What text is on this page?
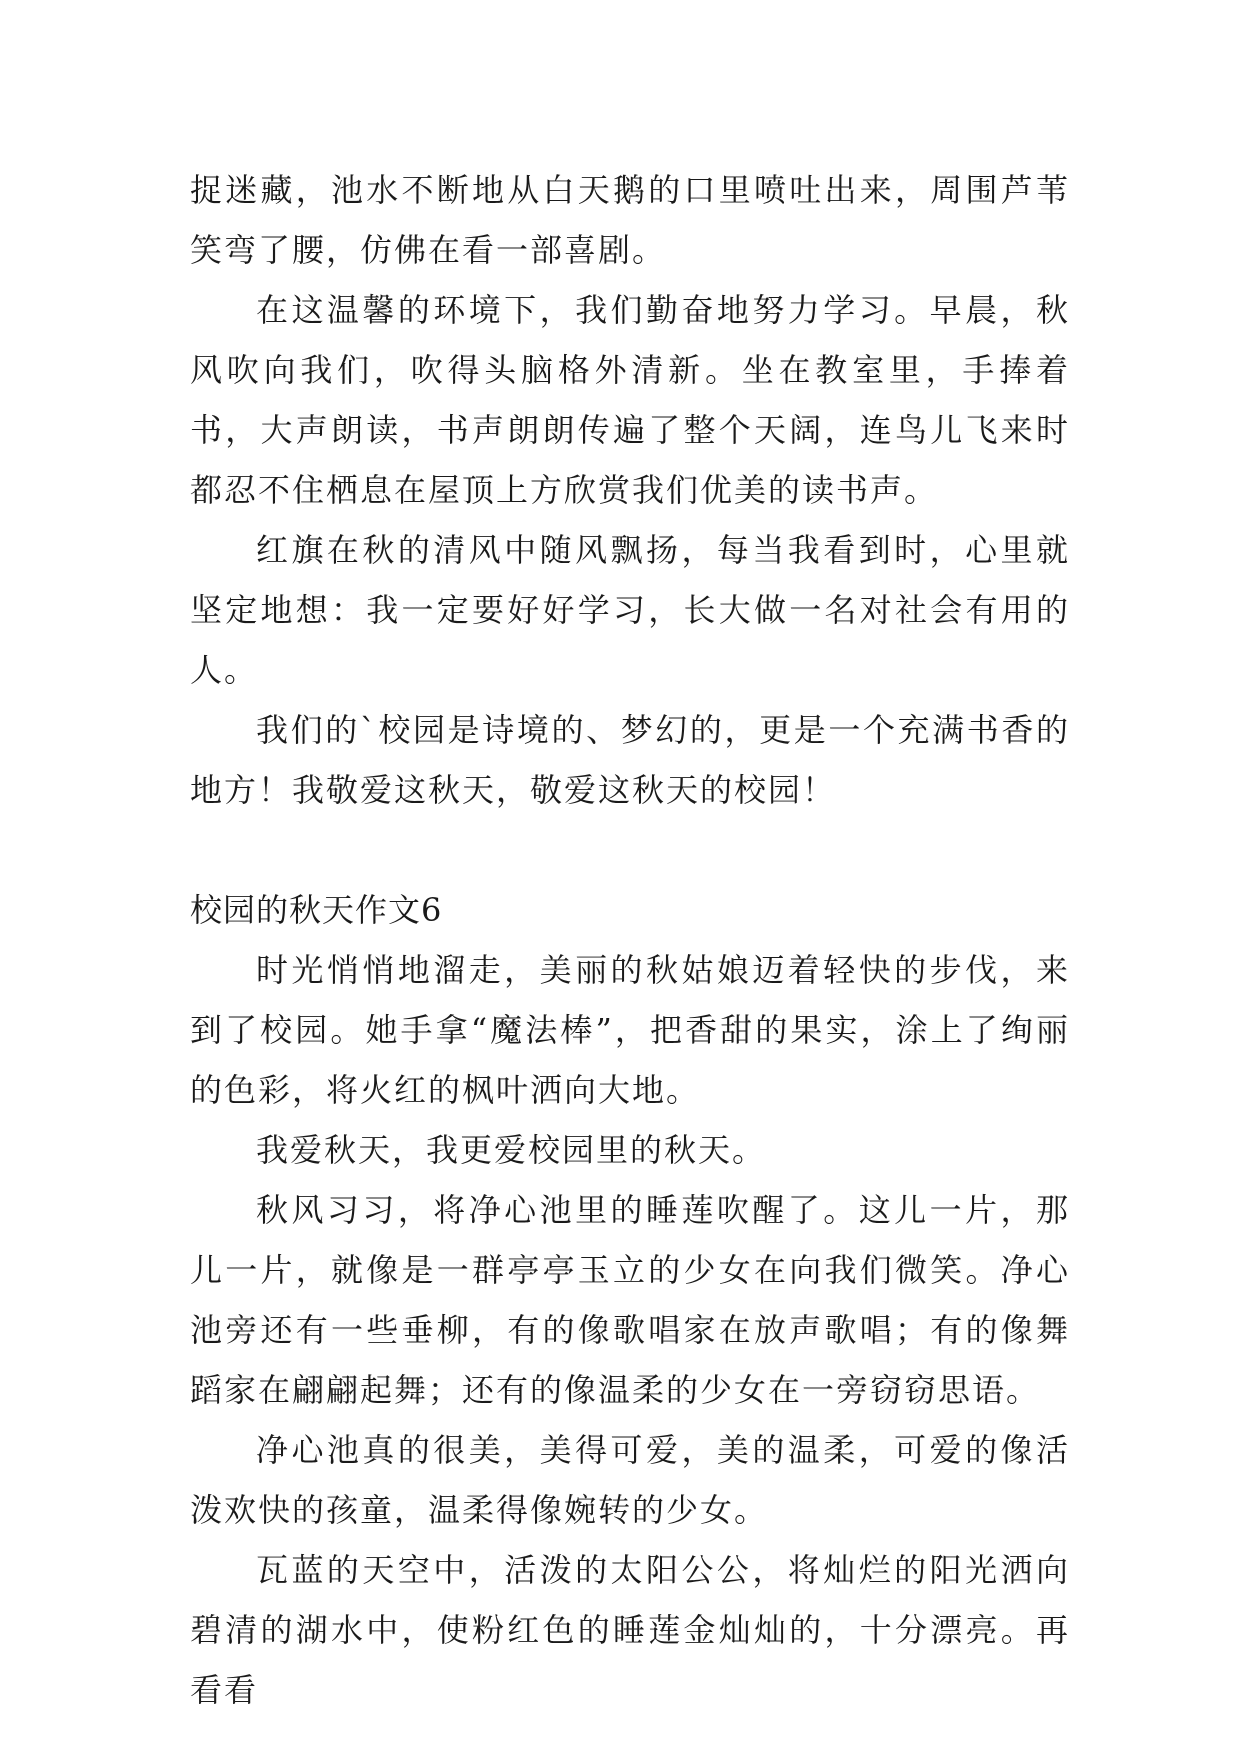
捉迷藏，池水不断地从白天鹅的口里喷吐出来，周围芦苇笑弯了腰，仿佛在看一部喜剧。

在这温馨的环境下，我们勤奋地努力学习。早晨，秋风吹向我们，吹得头脑格外清新。坐在教室里，手捧着书，大声朗读，书声朗朗传遍了整个天阔，连鸟儿飞来时都忍不住栖息在屋顶上方欣赏我们优美的读书声。

红旗在秋的清风中随风飘扬，每当我看到时，心里就坚定地想：我一定要好好学习，长大做一名对社会有用的人。

我们的`校园是诗境的、梦幻的，更是一个充满书香的地方！我敬爱这秋天，敬爱这秋天的校园！

校园的秋天作文6

时光悄悄地溜走，美丽的秋姑娘迈着轻快的步伐，来到了校园。她手拿“魔法棒”，把香甜的果实，涂上了绚丽的色彩，将火红的枫叶洒向大地。

我爱秋天，我更爱校园里的秋天。

秋风习习，将净心池里的睡莲吹醒了。这儿一片，那儿一片，就像是一群亭亭玉立的少女在向我们微笑。净心池旁还有一些垂柳，有的像歌唱家在放声歌唱；有的像舞蹈家在翩翩起舞；还有的像温柔的少女在一旁窃窃思语。

净心池真的很美，美得可爱，美的温柔，可爱的像活泼欢快的孩童，温柔得像婉转的少女。

瓦蓝的天空中，活泼的太阳公公，将灿烂的阳光洒向碧清的湖水中，使粉红色的睡莲金灿灿的，十分漂亮。再看看
